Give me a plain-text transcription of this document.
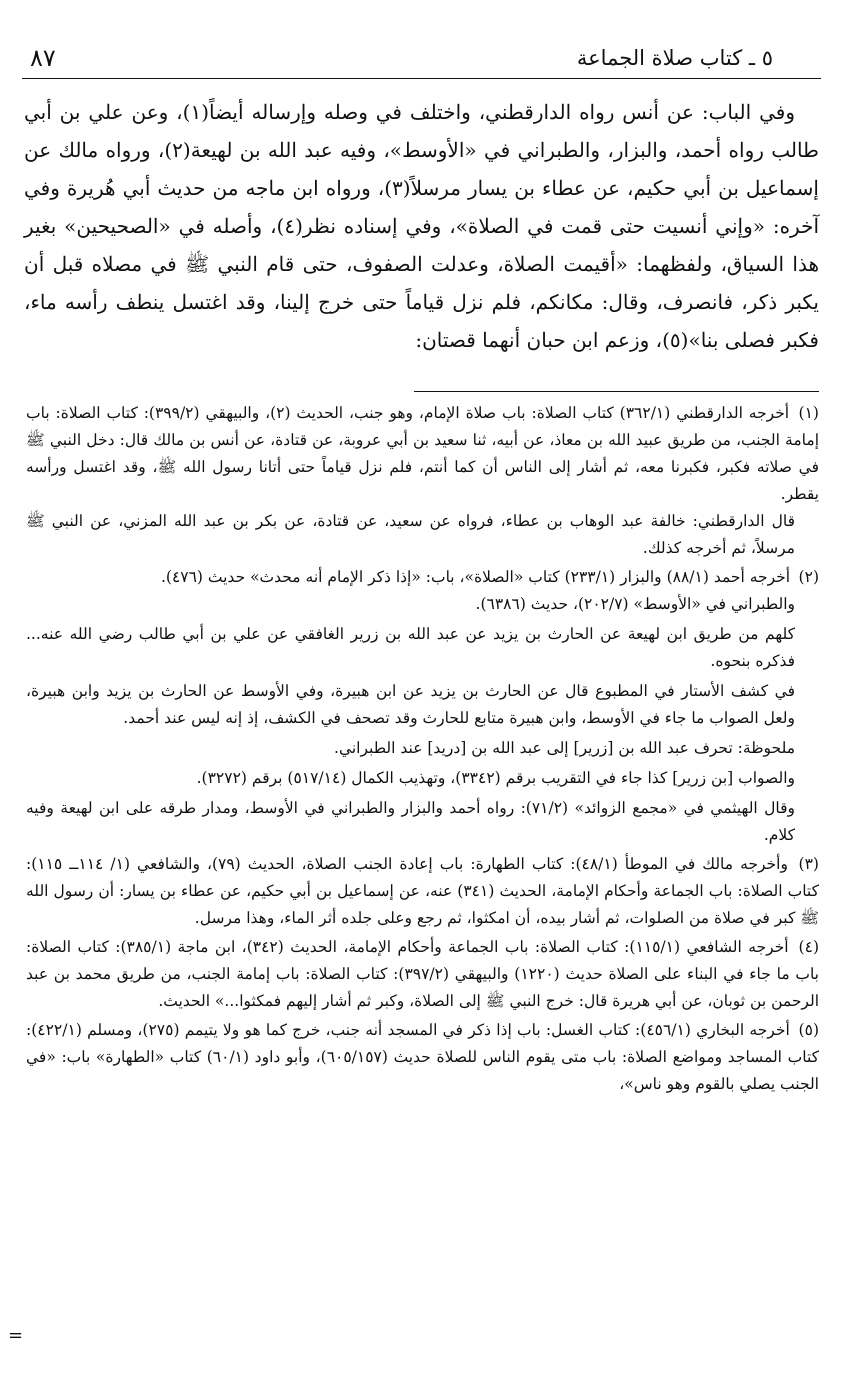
٨٧	٥ ـ كتاب صلاة الجماعة

وفي الباب: عن أنس رواه الدارقطني، واختلف في وصله وإرساله أيضاً(١)، وعن علي بن أبي طالب رواه أحمد، والبزار، والطبراني في «الأوسط»، وفيه عبد الله بن لهيعة(٢)، ورواه مالك عن إسماعيل بن أبي حكيم، عن عطاء بن يسار مرسلاً(٣)، ورواه ابن ماجه من حديث أبي هُريرة وفي آخره: «وإني أنسيت حتى قمت في الصلاة»، وفي إسناده نظر(٤)، وأصله في «الصحيحين» بغير هذا السياق، ولفظهما: «أقيمت الصلاة، وعدلت الصفوف، حتى قام النبي ﷺ في مصلاه قبل أن يكبر ذكر، فانصرف، وقال: مكانكم، فلم نزل قياماً حتى خرج إلينا، وقد اغتسل ينطف رأسه ماء، فكبر فصلى بنا»(٥)، وزعم ابن حبان أنهما قصتان:

(١) أخرجه الدارقطني (٣٦٢/١) كتاب الصلاة: باب صلاة الإمام، وهو جنب، الحديث (٢)، والبيهقي (٣٩٩/٢): كتاب الصلاة: باب إمامة الجنب، من طريق عبيد الله بن معاذ، عن أبيه، ثنا سعيد بن أبي عروبة، عن قتادة، عن أنس بن مالك قال: دخل النبي ﷺ في صلاته فكبر، فكبرنا معه، ثم أشار إلى الناس أن كما أنتم، فلم نزل قياماً حتى أتانا رسول الله ﷺ، وقد اغتسل ورأسه يقطر.
قال الدارقطني: خالفة عبد الوهاب بن عطاء، فرواه عن سعيد، عن قتادة، عن بكر بن عبد الله المزني، عن النبي ﷺ مرسلاً، ثم أخرجه كذلك.
(٢) أخرجه أحمد (٨٨/١) والبزار (٢٣٣/١) كتاب «الصلاة»، باب: «إذا ذكر الإمام أنه محدث» حديث (٤٧٦).
والطبراني في «الأوسط» (٢٠٢/٧)، حديث (٦٣٨٦).
كلهم من طريق ابن لهيعة عن الحارث بن يزيد عن عبد الله بن زرير الغافقي عن علي بن أبي طالب رضي الله عنه... فذكره بنحوه.
في كشف الأستار في المطبوع قال عن الحارث بن يزيد عن ابن هبيرة، وفي الأوسط عن الحارث بن يزيد وابن هبيرة، ولعل الصواب ما جاء في الأوسط، وابن هبيرة متابع للحارث وقد تصحف في الكشف، إذ إنه ليس عند أحمد.
ملحوظة: تحرف عبد الله بن [زرير] إلى عبد الله بن [دريد] عند الطبراني.
والصواب [بن زرير] كذا جاء في التقريب برقم (٣٣٤٢)، وتهذيب الكمال (٥١٧/١٤) برقم (٣٢٧٢).
وقال الهيثمي في «مجمع الزوائد» (٧١/٢): رواه أحمد والبزار والطبراني في الأوسط، ومدار طرقه على ابن لهيعة وفيه كلام.
(٣) وأخرجه مالك في الموطأ (٤٨/١): كتاب الطهارة: باب إعادة الجنب الصلاة، الحديث (٧٩)، والشافعي (١/ ١١٤ــ ١١٥): كتاب الصلاة: باب الجماعة وأحكام الإمامة، الحديث (٣٤١) عنه، عن إسماعيل بن أبي حكيم، عن عطاء بن يسار: أن رسول الله ﷺ كبر في صلاة من الصلوات، ثم أشار بيده، أن امكثوا، ثم رجع وعلى جلده أثر الماء، وهذا مرسل.
(٤) أخرجه الشافعي (١١٥/١): كتاب الصلاة: باب الجماعة وأحكام الإمامة، الحديث (٣٤٢)، ابن ماجة (٣٨٥/١): كتاب الصلاة: باب ما جاء في البناء على الصلاة حديث (١٢٢٠) والبيهقي (٣٩٧/٢): كتاب الصلاة: باب إمامة الجنب، من طريق محمد بن عبد الرحمن بن ثوبان، عن أبي هريرة قال: خرج النبي ﷺ إلى الصلاة، وكبر ثم أشار إليهم فمكثوا...» الحديث.
(٥) أخرجه البخاري (٤٥٦/١): كتاب الغسل: باب إذا ذكر في المسجد أنه جنب، خرج كما هو ولا يتيمم (٢٧٥)، ومسلم (٤٢٢/١): كتاب المساجد ومواضع الصلاة: باب متى يقوم الناس للصلاة حديث (٦٠٥/١٥٧)، وأبو داود (٦٠/١) كتاب «الطهارة» باب: «في الجنب يصلي بالقوم وهو ناس»،
=
